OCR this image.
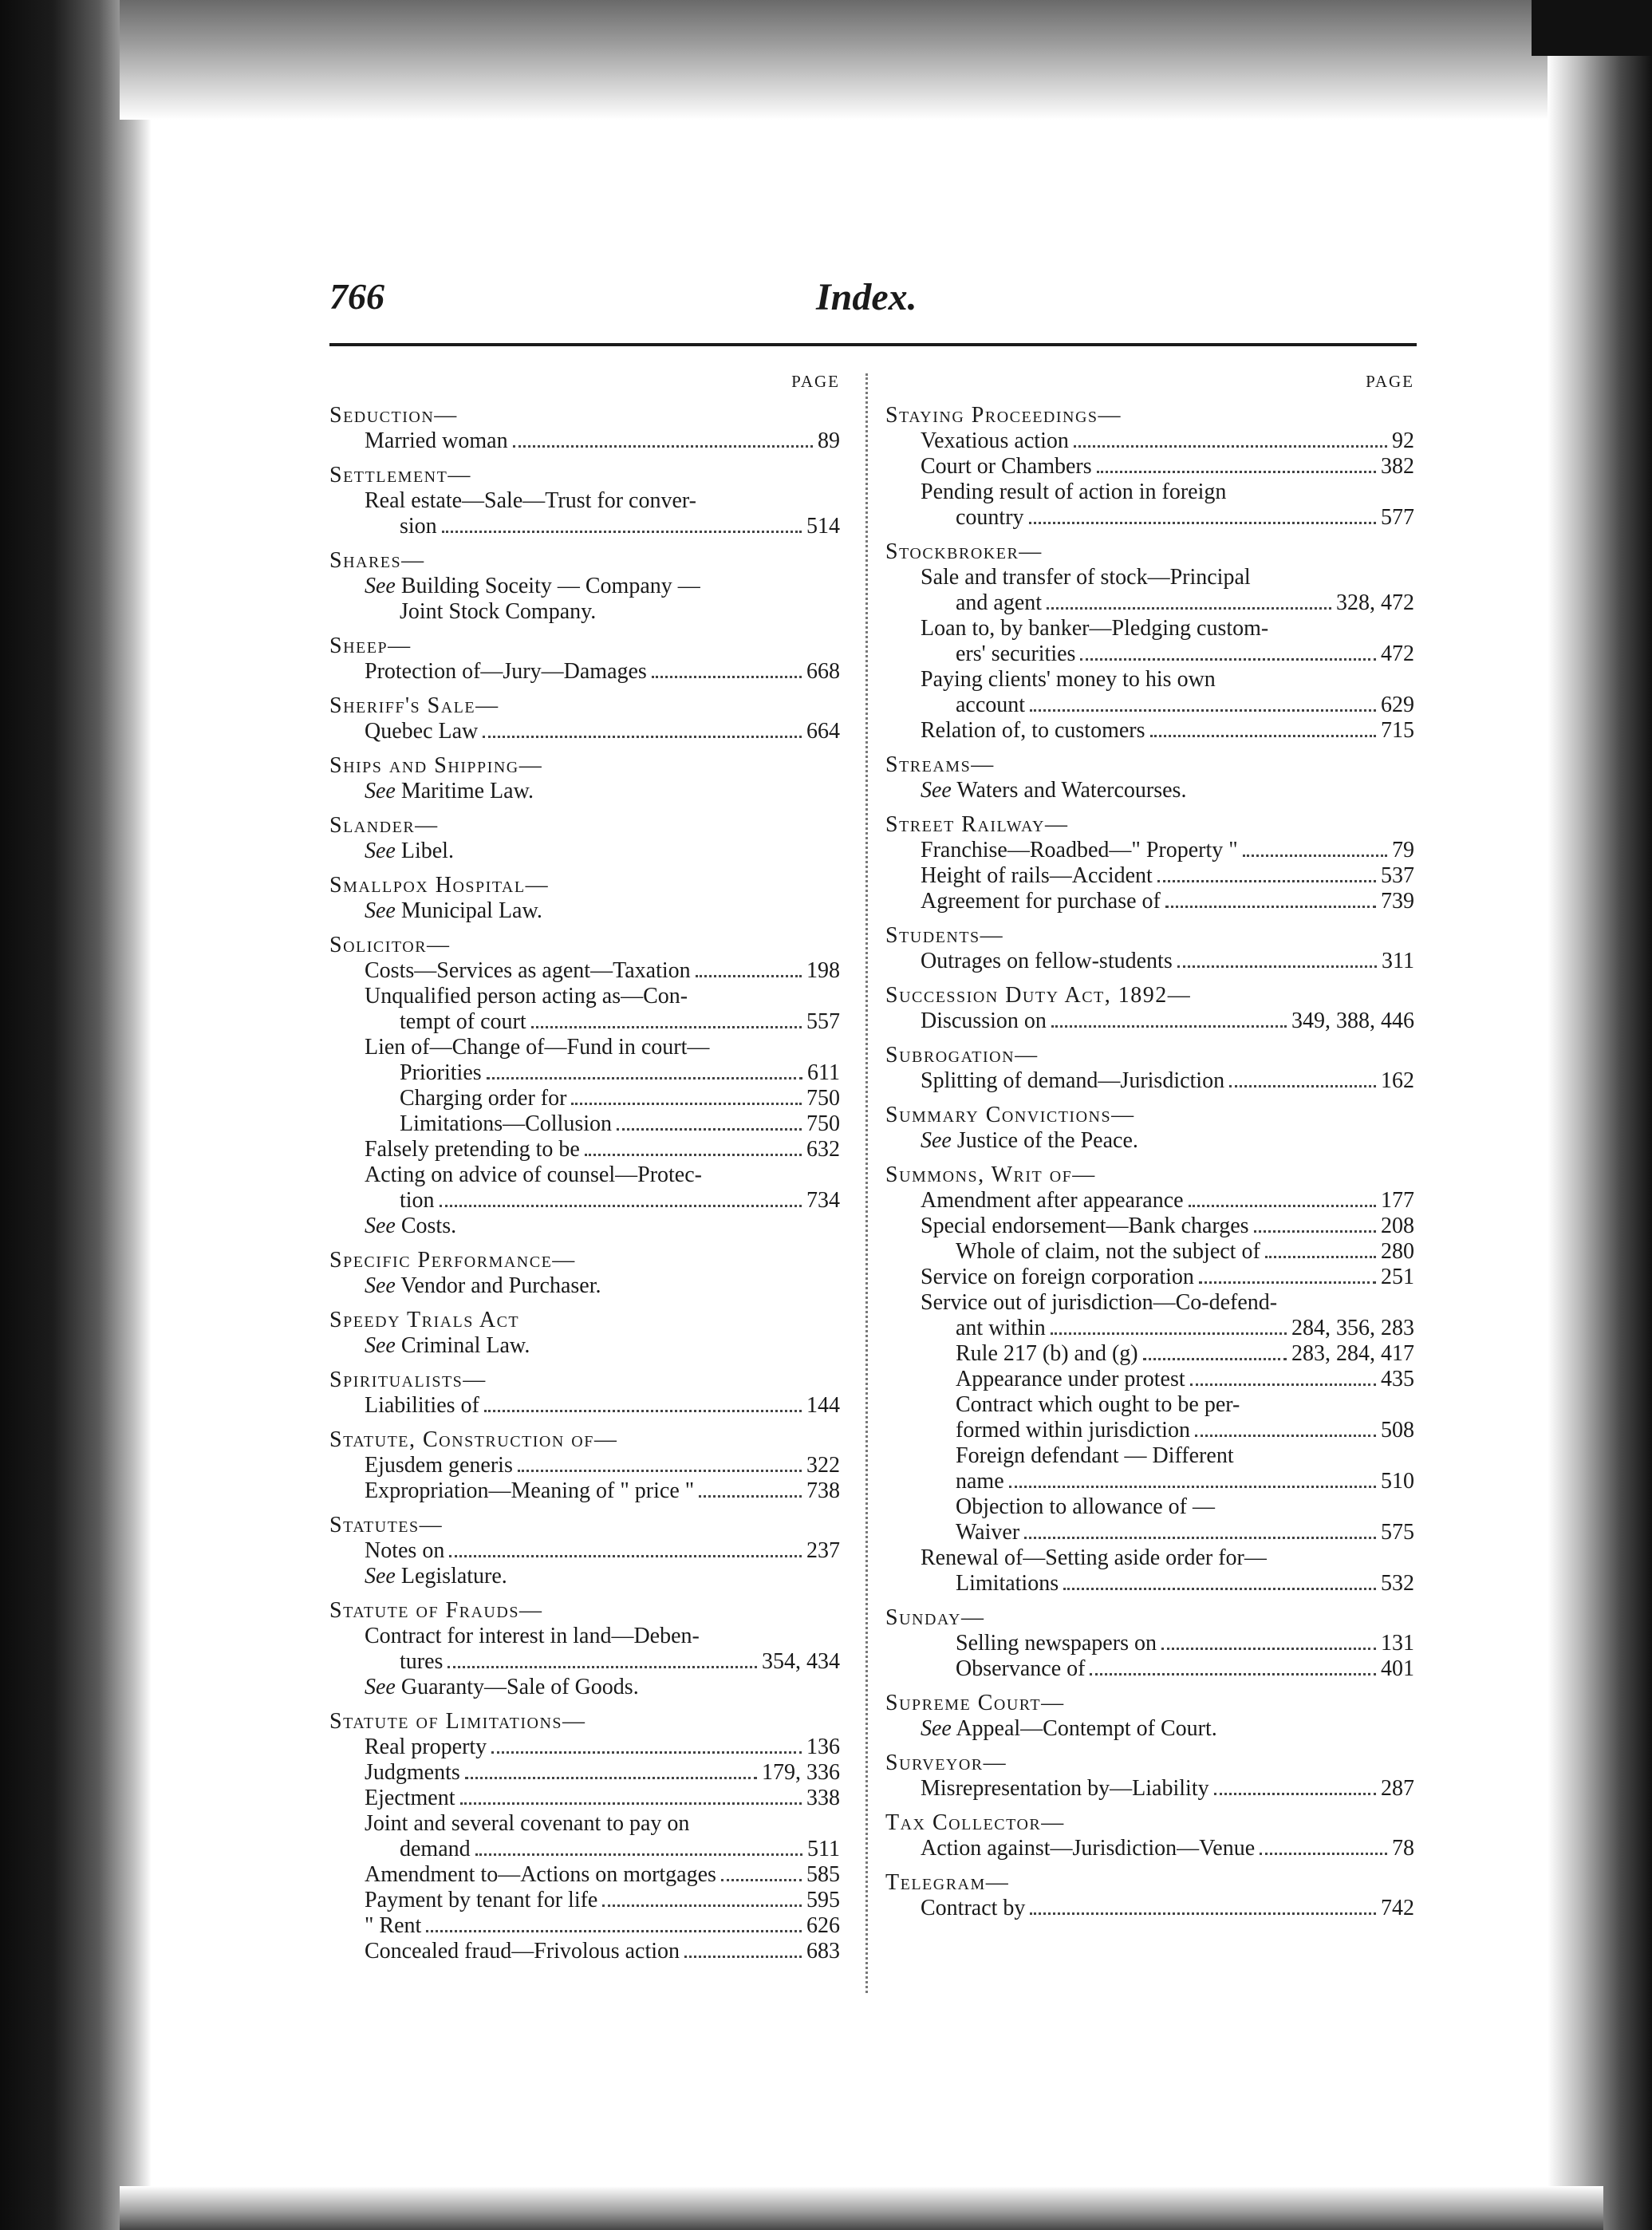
766	Index.
PAGE
Seduction—
Married woman	89
Settlement—
Real estate—Sale—Trust for conver-
sion	514
Shares—
See Building Soceity — Company —
Joint Stock Company.
Sheep—
Protection of—Jury—Damages	668
Sheriff's Sale—
Quebec Law	664
Ships and Shipping—
See Maritime Law.
Slander—
See Libel.
Smallpox Hospital—
See Municipal Law.
Solicitor—
Costs—Services as agent—Taxation	198
Unqualified person acting as—Con-
tempt of court	557
Lien of—Change of—Fund in court—
Priorities	611
Charging order for	750
Limitations—Collusion	750
Falsely pretending to be	632
Acting on advice of counsel—Protec-
tion	734
See Costs.
Specific Performance—
See Vendor and Purchaser.
Speedy Trials Act
See Criminal Law.
Spiritualists—
Liabilities of	144
Statute, Construction of—
Ejusdem generis	322
Expropriation—Meaning of " price "	738
Statutes—
Notes on	237
See Legislature.
Statute of Frauds—
Contract for interest in land—Deben-
tures	354, 434
See Guaranty—Sale of Goods.
Statute of Limitations—
Real property	136
Judgments	179, 336
Ejectment	338
Joint and several covenant to pay on
demand	511
Amendment to—Actions on mortgages	585
Payment by tenant for life	595
" Rent	626
Concealed fraud—Frivolous action	683
PAGE
Staying Proceedings—
Vexatious action	92
Court or Chambers	382
Pending result of action in foreign
country	577
Stockbroker—
Sale and transfer of stock—Principal
and agent	328, 472
Loan to, by banker—Pledging custom-
ers' securities	472
Paying clients' money to his own
account	629
Relation of, to customers	715
Streams—
See Waters and Watercourses.
Street Railway—
Franchise—Roadbed—" Property "	79
Height of rails—Accident	537
Agreement for purchase of	739
Students—
Outrages on fellow-students	311
Succession Duty Act, 1892—
Discussion on	349, 388, 446
Subrogation—
Splitting of demand—Jurisdiction	162
Summary Convictions—
See Justice of the Peace.
Summons, Writ of—
Amendment after appearance	177
Special endorsement—Bank charges	208
Whole of claim, not the subject of	280
Service on foreign corporation	251
Service out of jurisdiction—Co-defend-
ant within	284, 356, 283
Rule 217 (b) and (g)	283, 284, 417
Appearance under protest	435
Contract which ought to be per-
formed within jurisdiction	508
Foreign defendant — Different
name	510
Objection to allowance of —
Waiver	575
Renewal of—Setting aside order for—
Limitations	532
Sunday—
Selling newspapers on	131
Observance of	401
Supreme Court—
See Appeal—Contempt of Court.
Surveyor—
Misrepresentation by—Liability	287
Tax Collector—
Action against—Jurisdiction—Venue	78
Telegram—
Contract by	742
